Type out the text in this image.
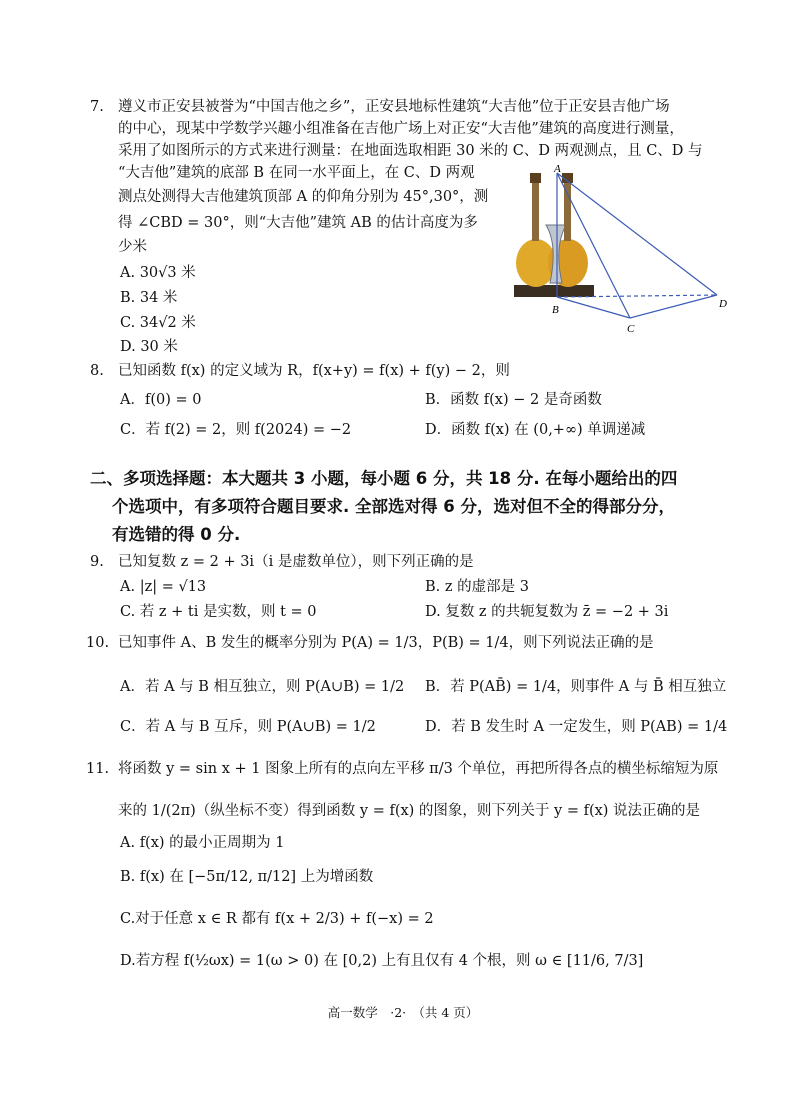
7. 遵义市正安县被誉为“中国吉他之乡”，正安县地标性建筑“大吉他”位于正安县吉他广场
的中心，现某中学数学兴趣小组准备在吉他广场上对正安“大吉他”建筑的高度进行测量，
采用了如图所示的方式来进行测量：在地面选取相距 30 米的 C、D 两观测点，且 C、D 与
“大吉他”建筑的底部 B 在同一水平面上，在 C、D 两观
测点处测得大吉他建筑顶部 A 的仰角分别为 45°,30°，测
得 ∠CBD = 30°，则“大吉他”建筑 AB 的估计高度为多
少米
A. 30√3 米
B. 34 米
C. 34√2 米
D. 30 米
A
B
C
D
8. 已知函数 f(x) 的定义域为 R，f(x+y) = f(x) + f(y) − 2，则
A．f(0) = 0	B．函数 f(x) − 2 是奇函数
C．若 f(2) = 2，则 f(2024) = −2	D．函数 f(x) 在 (0,+∞) 单调递减
二、多项选择题：本大题共 3 小题，每小题 6 分，共 18 分. 在每小题给出的四
个选项中，有多项符合题目要求. 全部选对得 6 分，选对但不全的得部分分，
有选错的得 0 分.
9. 已知复数 z = 2 + 3i（i 是虚数单位），则下列正确的是
A. |z| = √13	B. z 的虚部是 3
C. 若 z + ti 是实数，则 t = 0	D. 复数 z 的共轭复数为 z̄ = −2 + 3i
10. 已知事件 A、B 发生的概率分别为 P(A) = 1/3，P(B) = 1/4，则下列说法正确的是
A．若 A 与 B 相互独立，则 P(A∪B) = 1/2 B．若 P(AB̄) = 1/4，则事件 A 与 B̄ 相互独立
C．若 A 与 B 互斥，则 P(A∪B) = 1/2	D．若 B 发生时 A 一定发生，则 P(AB) = 1/4
11. 将函数 y = sin x + 1 图象上所有的点向左平移 π/3 个单位，再把所得各点的横坐标缩短为原
来的 1/(2π)（纵坐标不变）得到函数 y = f(x) 的图象，则下列关于 y = f(x) 说法正确的是
A. f(x) 的最小正周期为 1
B. f(x) 在 [−5π/12, π/12] 上为增函数
C.对于任意 x ∈ R 都有 f(x + 2/3) + f(−x) = 2
D.若方程 f(½ωx) = 1(ω > 0) 在 [0,2) 上有且仅有 4 个根，则 ω ∈ [11/6, 7/3]
高一数学　·2·　（共 4 页）
